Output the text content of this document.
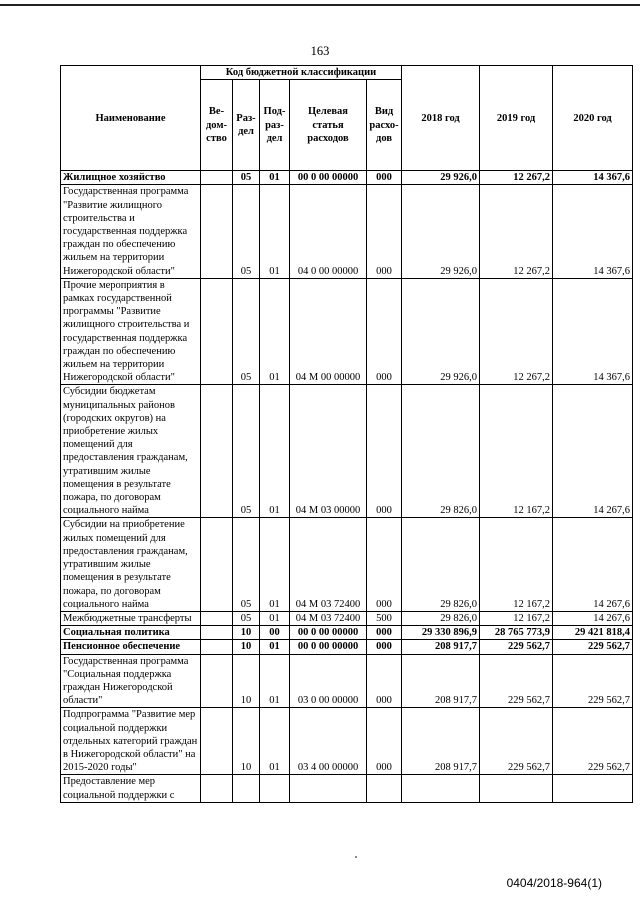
163
Наименование	Код бюджетной классификации					2018 год	2019 год	2020 год
	Ве-дом-ство	Раз-дел	Под-раз-дел	Целевая статья расходов	Вид расхо-дов			
Жилищное хозяйство		05	01	00 0 00 00000	000	29 926,0	12 267,2	14 367,6
Государственная программа "Развитие жилищного строительства и государственная поддержка граждан по обеспечению жильем на территории Нижегородской области"		05	01	04 0 00 00000	000	29 926,0	12 267,2	14 367,6
Прочие мероприятия в рамках государственной программы "Развитие жилищного строительства и государственная поддержка граждан по обеспечению жильем на территории Нижегородской области"		05	01	04 М 00 00000	000	29 926,0	12 267,2	14 367,6
Субсидии бюджетам муниципальных районов (городских округов) на приобретение жилых помещений для предоставления гражданам, утратившим жилые помещения в результате пожара, по договорам социального найма		05	01	04 М 03 00000	000	29 826,0	12 167,2	14 267,6
Субсидии на приобретение жилых помещений для предоставления гражданам, утратившим жилые помещения в результате пожара, по договорам социального найма		05	01	04 М 03 72400	000	29 826,0	12 167,2	14 267,6
Межбюджетные трансферты		05	01	04 М 03 72400	500	29 826,0	12 167,2	14 267,6
Социальная политика		10	00	00 0 00 00000	000	29 330 896,9	28 765 773,9	29 421 818,4
Пенсионное обеспечение		10	01	00 0 00 00000	000	208 917,7	229 562,7	229 562,7
Государственная программа "Социальная поддержка граждан Нижегородской области"		10	01	03 0 00 00000	000	208 917,7	229 562,7	229 562,7
Подпрограмма "Развитие мер социальной поддержки отдельных категорий граждан в Нижегородской области" на 2015-2020 годы"		10	01	03 4 00 00000	000	208 917,7	229 562,7	229 562,7
Предоставление мер социальной поддержки с								
0404/2018-964(1)
